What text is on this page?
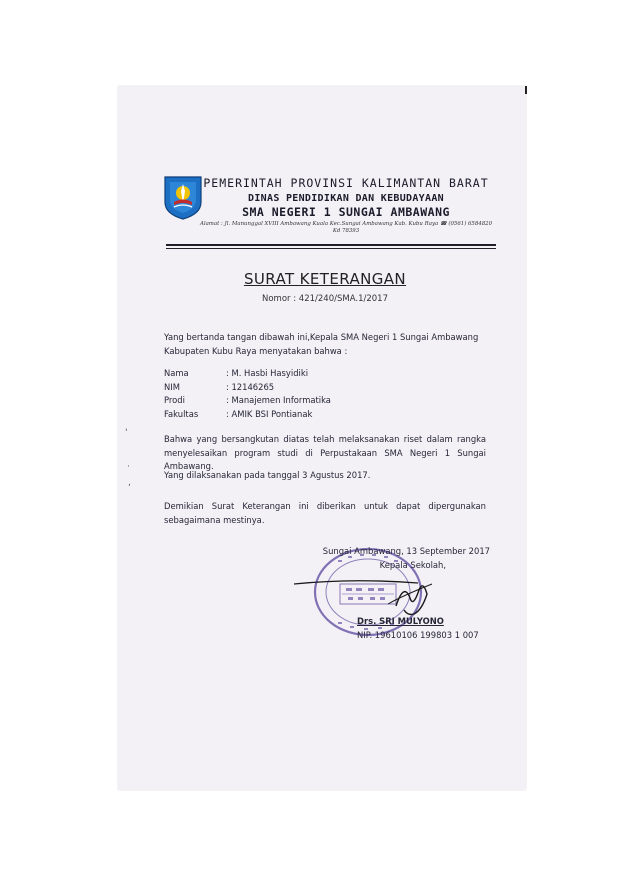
'
·
,
PEMERINTAH PROVINSI KALIMANTAN BARAT
DINAS PENDIDIKAN DAN KEBUDAYAAN
SMA NEGERI 1 SUNGAI AMBAWANG
Alamat : Jl. Manunggal XVIII Ambawang Kuala Kec.Sungai Ambawang Kab. Kubu Raya ☎ (0561) 6584820 Kd 78393
SURAT KETERANGAN
Nomor : 421/240/SMA.1/2017
Yang bertanda tangan dibawah ini,Kepala SMA Negeri 1 Sungai Ambawang Kabupaten Kubu Raya menyatakan bahwa :
Nama	: M. Hasbi Hasyidiki
NIM	: 12146265
Prodi	: Manajemen Informatika
Fakultas	: AMIK BSI Pontianak
Bahwa yang bersangkutan diatas telah melaksanakan riset dalam rangka menyelesaikan program studi di Perpustakaan SMA Negeri 1 Sungai Ambawang.
Yang dilaksanakan pada tanggal 3 Agustus 2017.
Demikian Surat Keterangan ini diberikan untuk dapat dipergunakan sebagaimana mestinya.
Sungai Ambawang, 13 September 2017
Kepala Sekolah,
Drs. SRI MULYONO
NIP. 19610106 199803 1 007
